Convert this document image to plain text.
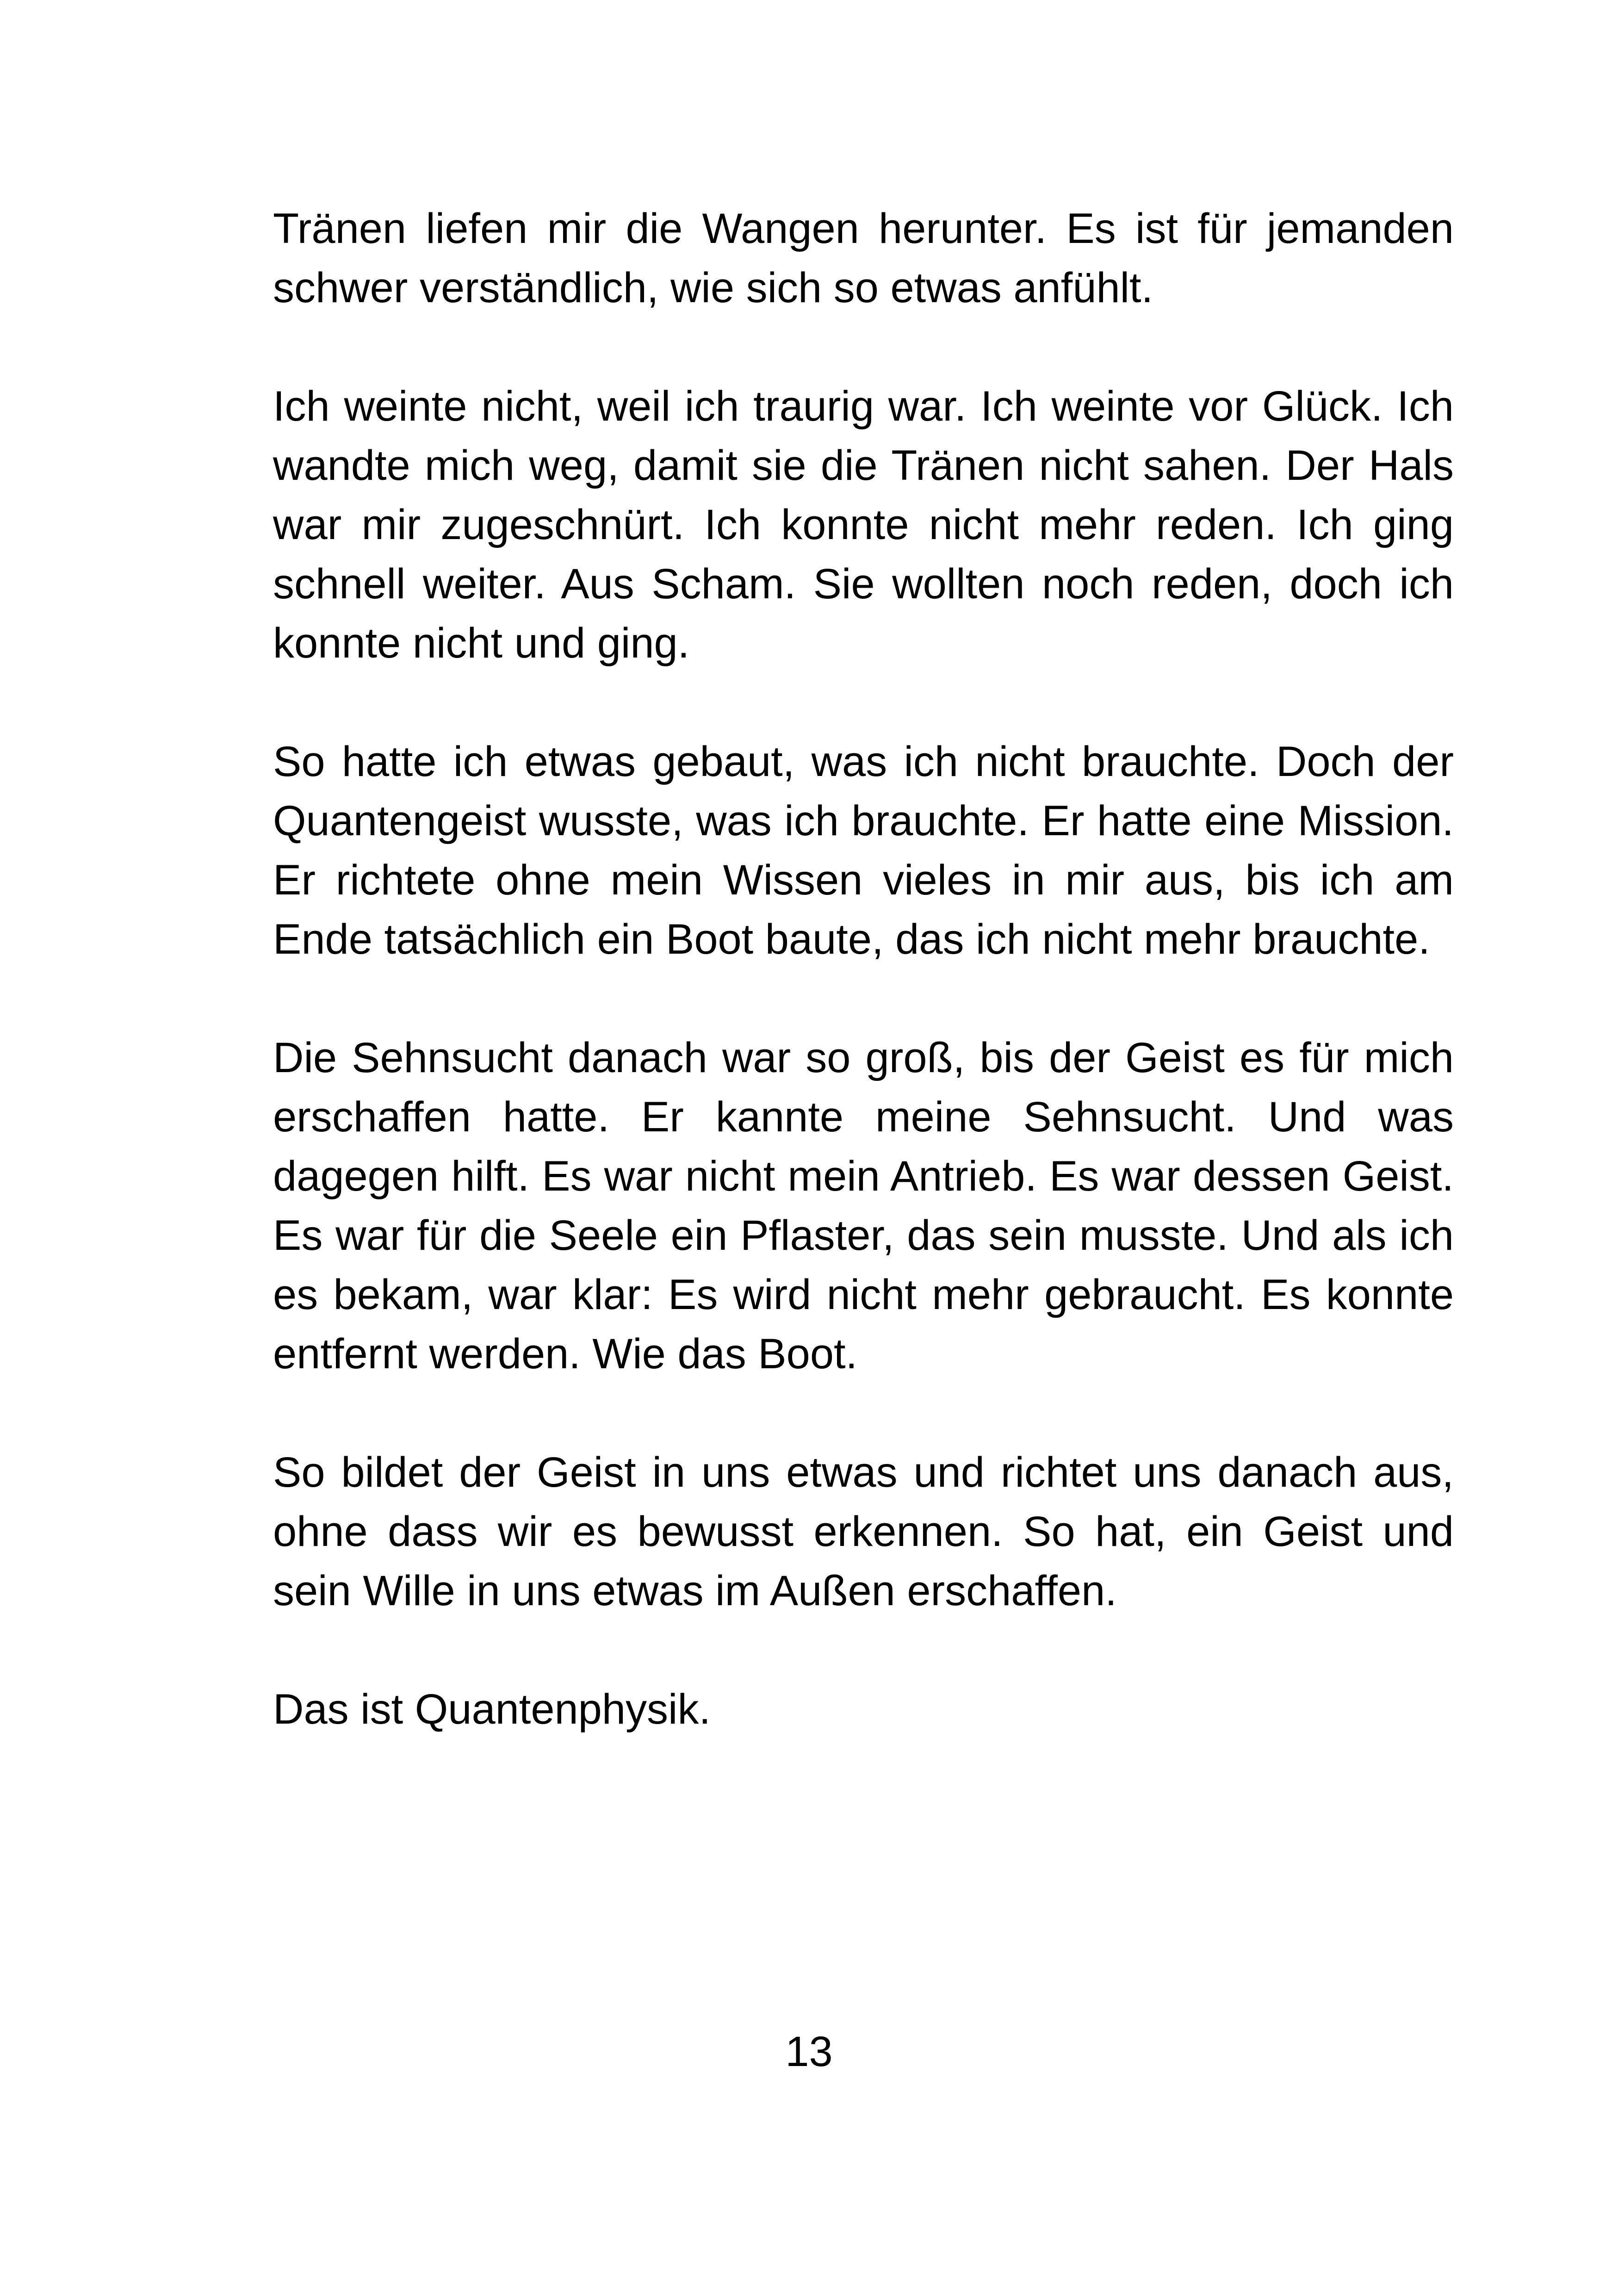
Tränen liefen mir die Wangen herunter. Es ist für jemanden schwer verständlich, wie sich so etwas anfühlt.

Ich weinte nicht, weil ich traurig war. Ich weinte vor Glück. Ich wandte mich weg, damit sie die Tränen nicht sahen. Der Hals war mir zugeschnürt. Ich konnte nicht mehr reden. Ich ging schnell weiter. Aus Scham. Sie wollten noch reden, doch ich konnte nicht und ging.

So hatte ich etwas gebaut, was ich nicht brauchte. Doch der Quantengeist wusste, was ich brauchte. Er hatte eine Mission. Er richtete ohne mein Wissen vieles in mir aus, bis ich am Ende tatsächlich ein Boot baute, das ich nicht mehr brauchte.

Die Sehnsucht danach war so groß, bis der Geist es für mich erschaffen hatte. Er kannte meine Sehnsucht. Und was dagegen hilft. Es war nicht mein Antrieb. Es war dessen Geist. Es war für die Seele ein Pflaster, das sein musste. Und als ich es bekam, war klar: Es wird nicht mehr gebraucht. Es konnte entfernt werden. Wie das Boot.

So bildet der Geist in uns etwas und richtet uns danach aus, ohne dass wir es bewusst erkennen. So hat, ein Geist und sein Wille in uns etwas im Außen erschaffen.

Das ist Quantenphysik.

13
